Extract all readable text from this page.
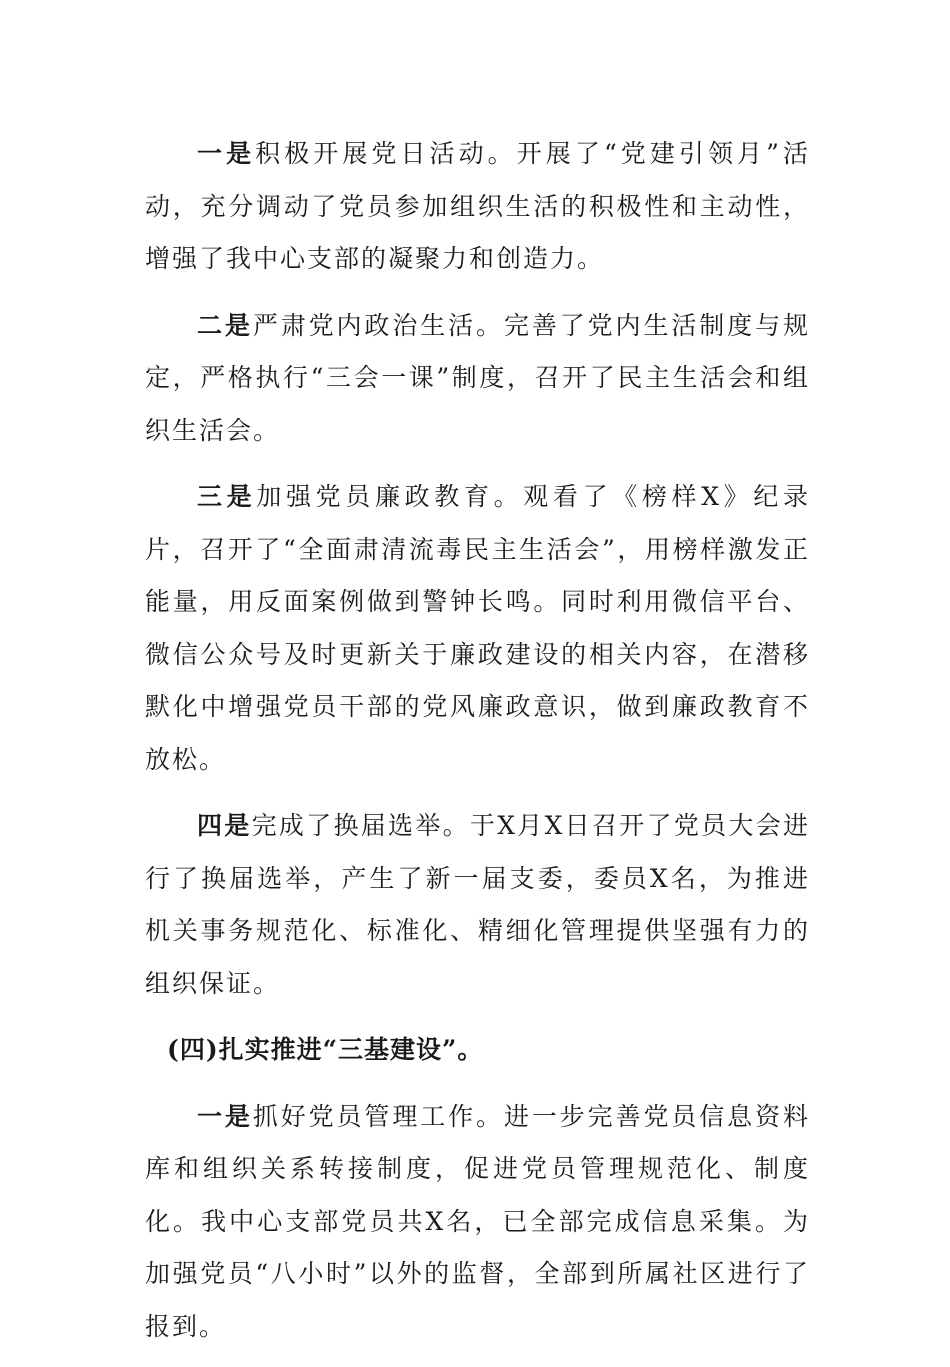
一是积极开展党日活动。开展了“党建引领月”活动，充分调动了党员参加组织生活的积极性和主动性，增强了我中心支部的凝聚力和创造力。

二是严肃党内政治生活。完善了党内生活制度与规定，严格执行“三会一课”制度，召开了民主生活会和组织生活会。

三是加强党员廉政教育。观看了《榜样X》纪录片，召开了“全面肃清流毒民主生活会”，用榜样激发正能量，用反面案例做到警钟长鸣。同时利用微信平台、微信公众号及时更新关于廉政建设的相关内容，在潜移默化中增强党员干部的党风廉政意识，做到廉政教育不放松。

四是完成了换届选举。于X月X日召开了党员大会进行了换届选举，产生了新一届支委，委员X名，为推进机关事务规范化、标准化、精细化管理提供坚强有力的组织保证。

(四)扎实推进“三基建设”。

一是抓好党员管理工作。进一步完善党员信息资料库和组织关系转接制度，促进党员管理规范化、制度化。我中心支部党员共X名，已全部完成信息采集。为加强党员“八小时”以外的监督，全部到所属社区进行了报到。
